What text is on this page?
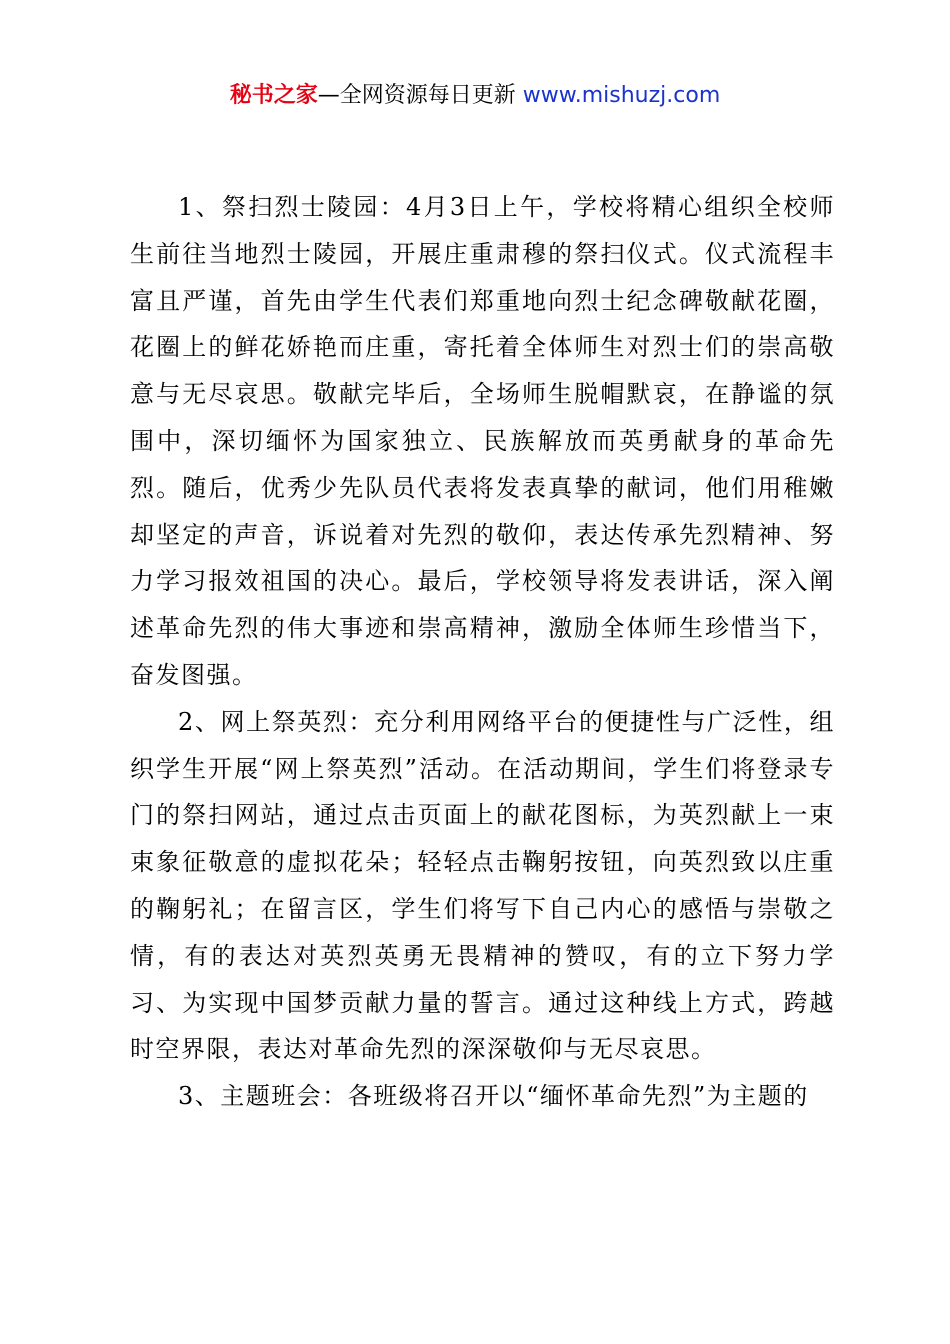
秘书之家—全网资源每日更新 www.mishuzj.com

1、祭扫烈士陵园：4月3日上午，学校将精心组织全校师生前往当地烈士陵园，开展庄重肃穆的祭扫仪式。仪式流程丰富且严谨，首先由学生代表们郑重地向烈士纪念碑敬献花圈，花圈上的鲜花娇艳而庄重，寄托着全体师生对烈士们的崇高敬意与无尽哀思。敬献完毕后，全场师生脱帽默哀，在静谧的氛围中，深切缅怀为国家独立、民族解放而英勇献身的革命先烈。随后，优秀少先队员代表将发表真挚的献词，他们用稚嫩却坚定的声音，诉说着对先烈的敬仰，表达传承先烈精神、努力学习报效祖国的决心。最后，学校领导将发表讲话，深入阐述革命先烈的伟大事迹和崇高精神，激励全体师生珍惜当下，奋发图强。

2、网上祭英烈：充分利用网络平台的便捷性与广泛性，组织学生开展“网上祭英烈”活动。在活动期间，学生们将登录专门的祭扫网站，通过点击页面上的献花图标，为英烈献上一束束象征敬意的虚拟花朵；轻轻点击鞠躬按钮，向英烈致以庄重的鞠躬礼；在留言区，学生们将写下自己内心的感悟与崇敬之情，有的表达对英烈英勇无畏精神的赞叹，有的立下努力学习、为实现中国梦贡献力量的誓言。通过这种线上方式，跨越时空界限，表达对革命先烈的深深敬仰与无尽哀思。

3、主题班会：各班级将召开以“缅怀革命先烈”为主题的
